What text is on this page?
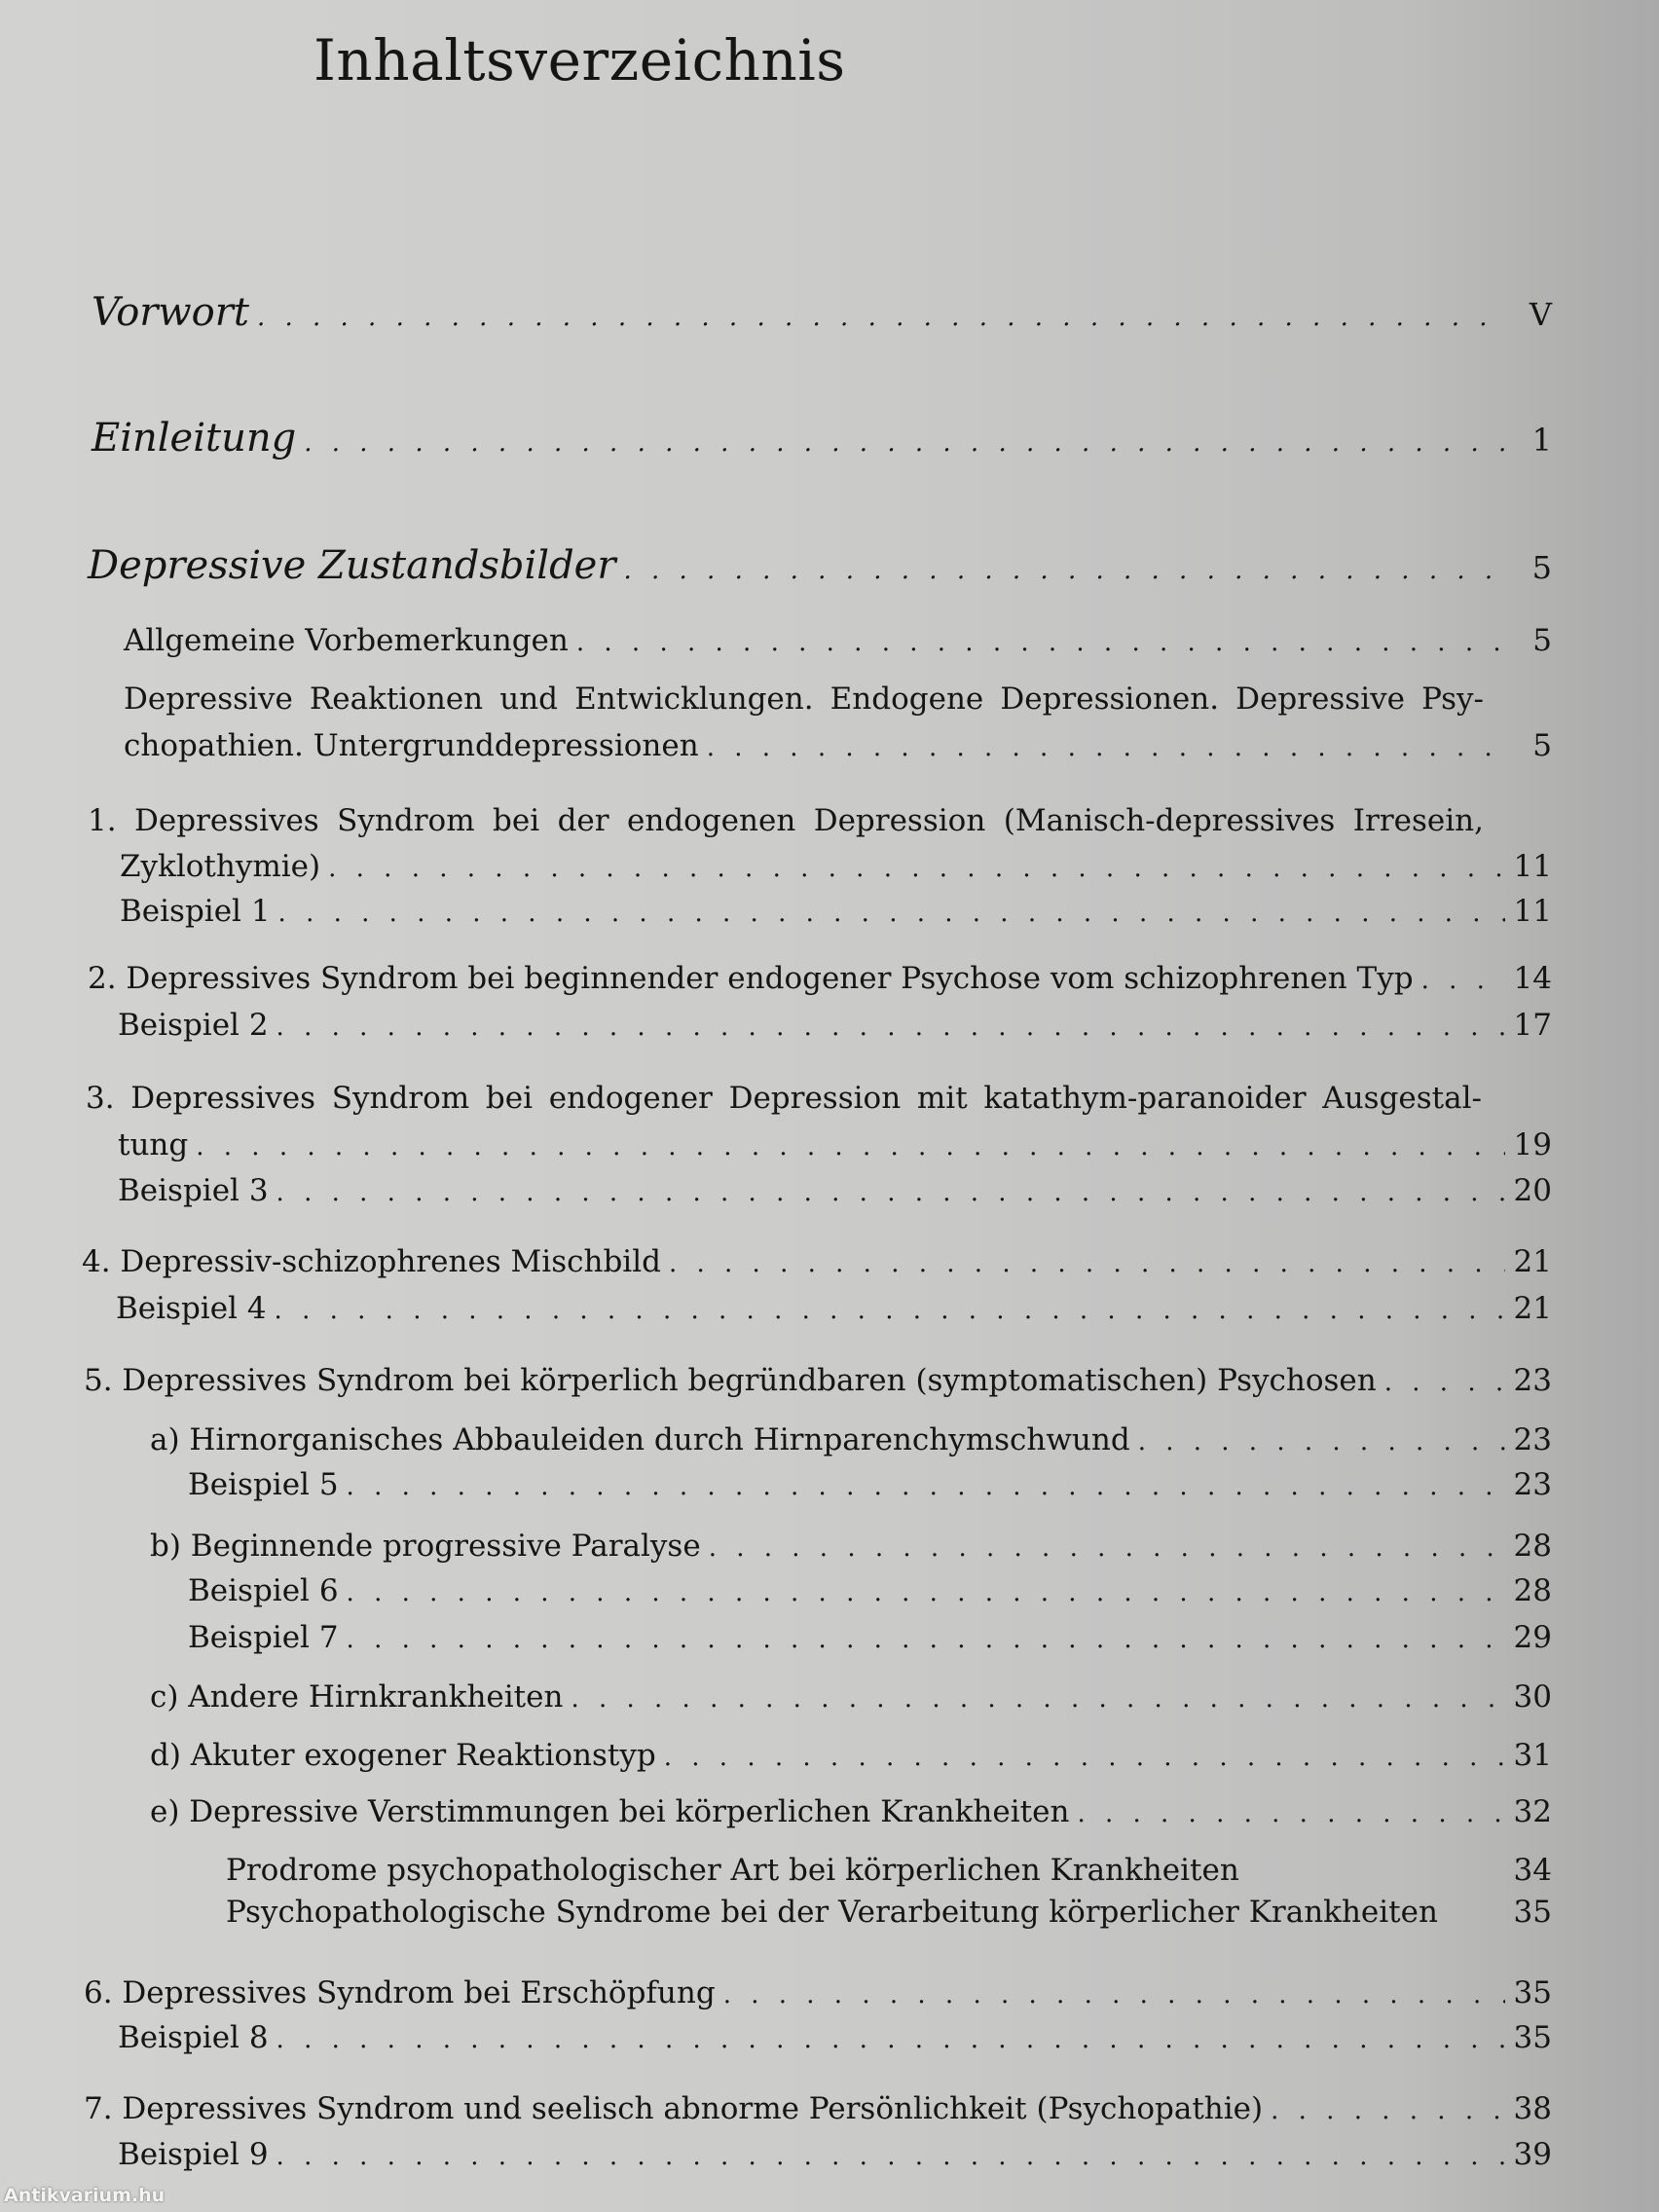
Inhaltsverzeichnis
Vorwort . . .	V
Einleitung . . .	1
Depressive Zustandsbilder . . .	5
Allgemeine Vorbemerkungen . . .	5
Depressive Reaktionen und Entwicklungen. Endogene Depressionen. Depressive Psy-
chopathien. Untergrunddepressionen . . .	5
1. Depressives Syndrom bei der endogenen Depression (Manisch-depressives Irresein,
Zyklothymie) . . .	11
Beispiel 1 . . .	11
2. Depressives Syndrom bei beginnender endogener Psychose vom schizophrenen Typ . . .	14
Beispiel 2 . . .	17
3. Depressives Syndrom bei endogener Depression mit katathym-paranoider Ausgestal-
tung . . .	19
Beispiel 3 . . .	20
4. Depressiv-schizophrenes Mischbild . . .	21
Beispiel 4 . . .	21
5. Depressives Syndrom bei körperlich begründbaren (symptomatischen) Psychosen . . .	23
a) Hirnorganisches Abbauleiden durch Hirnparenchymschwund . . .	23
Beispiel 5 . . .	23
b) Beginnende progressive Paralyse . . .	28
Beispiel 6 . . .	28
Beispiel 7 . . .	29
c) Andere Hirnkrankheiten . . .	30
d) Akuter exogener Reaktionstyp . . .	31
e) Depressive Verstimmungen bei körperlichen Krankheiten . . .	32
Prodrome psychopathologischer Art bei körperlichen Krankheiten	34
Psychopathologische Syndrome bei der Verarbeitung körperlicher Krankheiten	35
6. Depressives Syndrom bei Erschöpfung . . .	35
Beispiel 8 . . .	35
7. Depressives Syndrom und seelisch abnorme Persönlichkeit (Psychopathie) . . .	38
Beispiel 9 . . .	39
Antikvarium.hu
